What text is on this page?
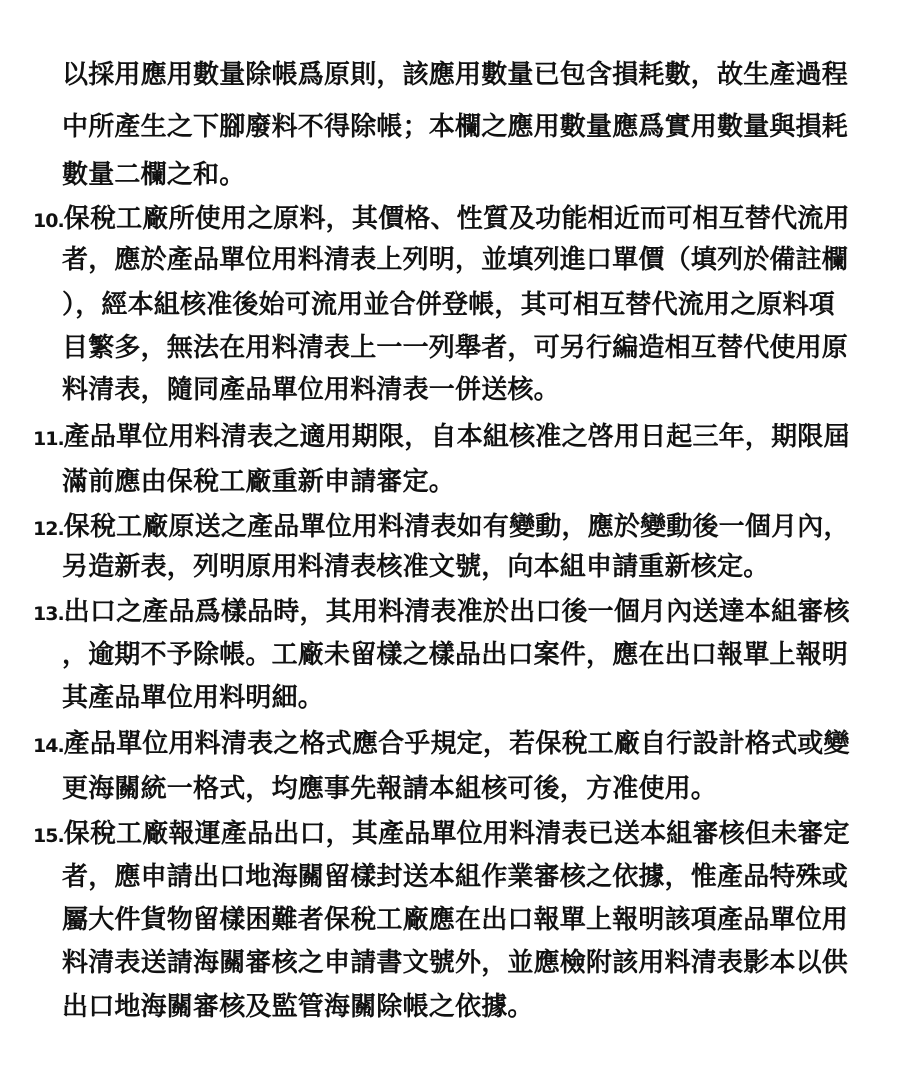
以採用應用數量除帳爲原則，該應用數量已包含損耗數，故生產過程
中所產生之下腳廢料不得除帳；本欄之應用數量應爲實用數量與損耗
數量二欄之和。
10.保稅工廠所使用之原料，其價格、性質及功能相近而可相互替代流用
者，應於產品單位用料清表上列明，並填列進口單價（填列於備註欄
），經本組核准後始可流用並合併登帳，其可相互替代流用之原料項
目繁多，無法在用料清表上一一列舉者，可另行編造相互替代使用原
料清表，隨同產品單位用料清表一併送核。
11.產品單位用料清表之適用期限，自本組核准之啓用日起三年，期限屆
滿前應由保稅工廠重新申請審定。
12.保稅工廠原送之產品單位用料清表如有變動，應於變動後一個月內，
另造新表，列明原用料清表核准文號，向本組申請重新核定。
13.出口之產品爲樣品時，其用料清表准於出口後一個月內送達本組審核
，逾期不予除帳。工廠未留樣之樣品出口案件，應在出口報單上報明
其產品單位用料明細。
14.產品單位用料清表之格式應合乎規定，若保稅工廠自行設計格式或變
更海關統一格式，均應事先報請本組核可後，方准使用。
15.保稅工廠報運產品出口，其產品單位用料清表已送本組審核但未審定
者，應申請出口地海關留樣封送本組作業審核之依據，惟產品特殊或
屬大件貨物留樣困難者保稅工廠應在出口報單上報明該項產品單位用
料清表送請海關審核之申請書文號外，並應檢附該用料清表影本以供
出口地海關審核及監管海關除帳之依據。
